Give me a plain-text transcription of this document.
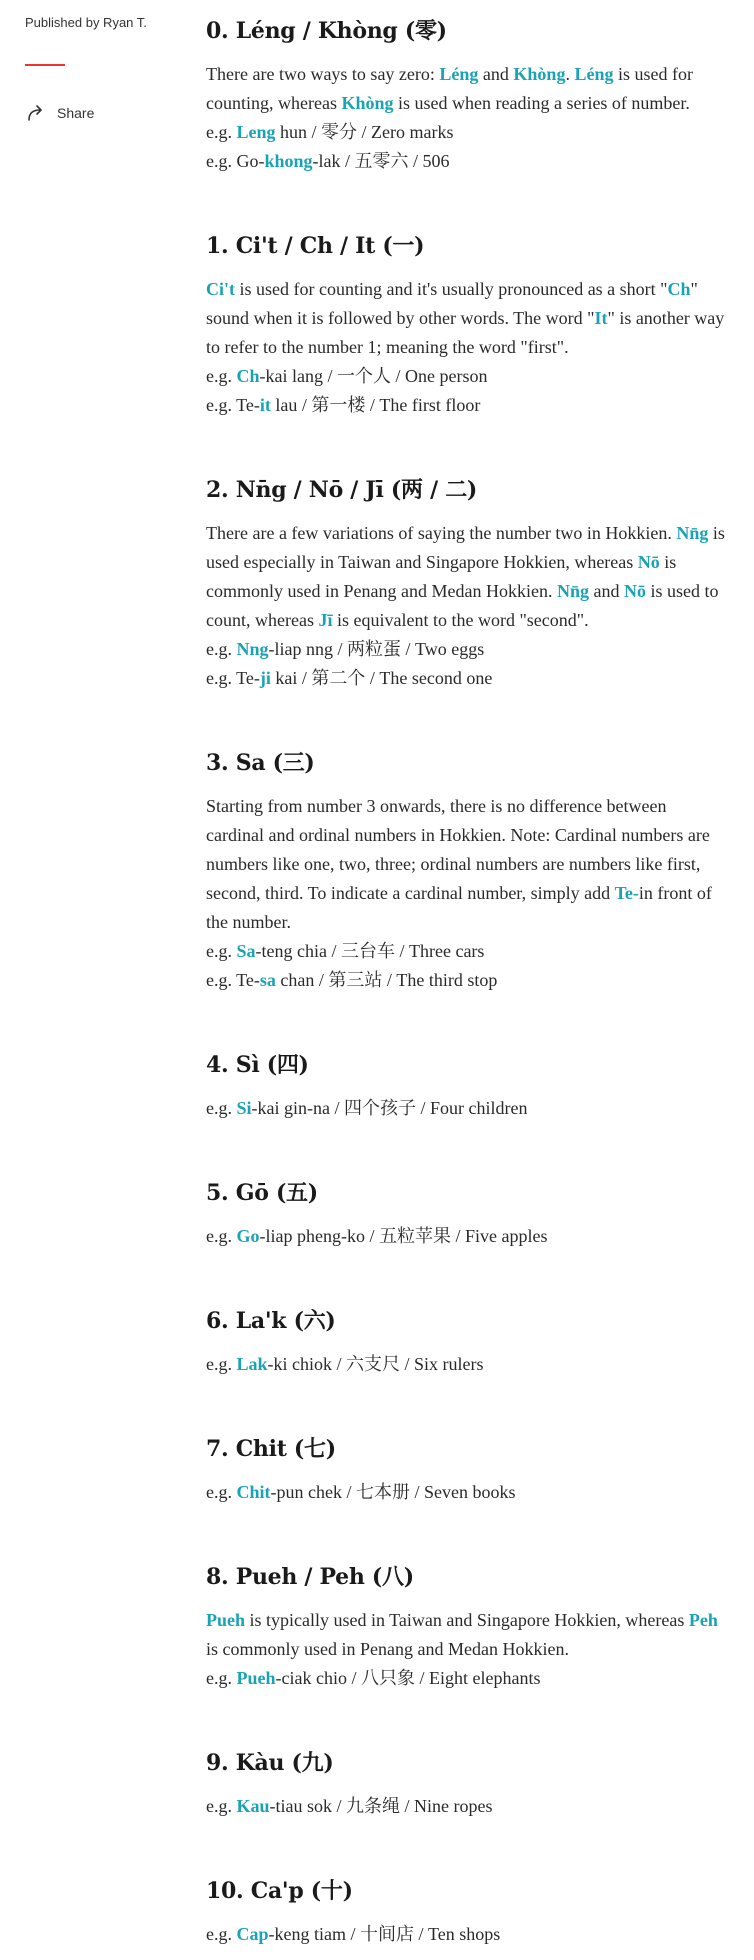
Published by Ryan T.
Share
0. Léng / Khòng (零)

There are two ways to say zero: Léng and Khòng. Léng is used for counting, whereas Khòng is used when reading a series of number.

e.g. Leng hun / 零分 / Zero marks

e.g. Go-khong-lak / 五零六 / 506

1. Ci't / Ch / It (一)

Ci't is used for counting and it's usually pronounced as a short "Ch" sound when it is followed by other words. The word "It" is another way to refer to the number 1; meaning the word "first".

e.g. Ch-kai lang / 一个人 / One person

e.g. Te-it lau / 第一楼 / The first floor

2. Nn̄g / Nō / Jī (两 / 二)

There are a few variations of saying the number two in Hokkien. Nn̄g is used especially in Taiwan and Singapore Hokkien, whereas Nō is commonly used in Penang and Medan Hokkien. Nn̄g and Nō is used to count, whereas Jī is equivalent to the word "second".

e.g. Nng-liap nng / 两粒蛋 / Two eggs

e.g. Te-ji kai / 第二个 / The second one

3. Sa (三)

Starting from number 3 onwards, there is no difference between cardinal and ordinal numbers in Hokkien. Note: Cardinal numbers are numbers like one, two, three; ordinal numbers are numbers like first, second, third. To indicate a cardinal number, simply add Te-in front of the number.

e.g. Sa-teng chia / 三台车 / Three cars

e.g. Te-sa chan / 第三站 / The third stop

4. Sì (四)

e.g. Si-kai gin-na / 四个孩子 / Four children

5. Gō (五)

e.g. Go-liap pheng-ko / 五粒苹果 / Five apples

6. La'k (六)

e.g. Lak-ki chiok / 六支尺 / Six rulers

7. Chit (七)

e.g. Chit-pun chek / 七本册 / Seven books

8. Pueh / Peh (八)

Pueh is typically used in Taiwan and Singapore Hokkien, whereas Peh is commonly used in Penang and Medan Hokkien.

e.g. Pueh-ciak chio / 八只象 / Eight elephants

9. Kàu (九)

e.g. Kau-tiau sok / 九条绳 / Nine ropes

10. Ca'p (十)

e.g. Cap-keng tiam / 十间店 / Ten shops
